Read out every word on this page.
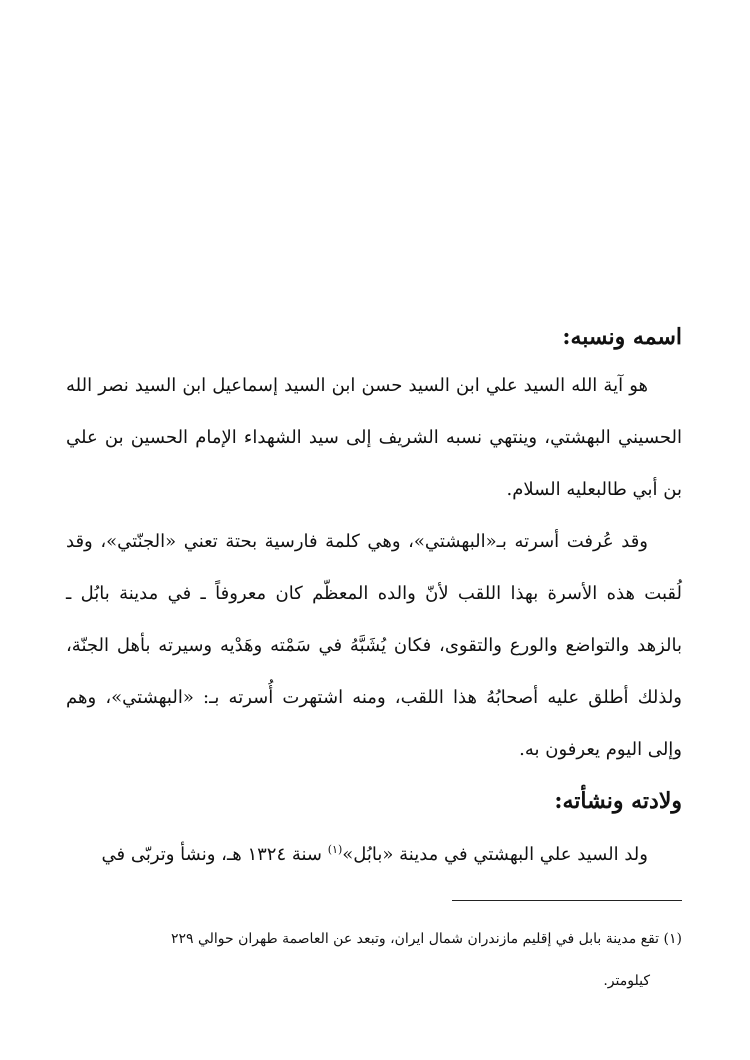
اسمه ونسبه:

هو آية الله السيد علي ابن السيد حسن ابن السيد إسماعيل ابن السيد نصر الله الحسيني البهشتي، وينتهي نسبه الشريف إلى سيد الشهداء الإمام الحسين بن علي بن أبي طالبعليه السلام.

وقد عُرفت أسرته بـ«البهشتي»، وهي كلمة فارسية بحتة تعني «الجنّتي»، وقد لُقبت هذه الأسرة بهذا اللقب لأنّ والده المعظّم كان معروفاً ـ في مدينة بابُل ـ بالزهد والتواضع والورع والتقوى، فكان يُشَبَّهُ في سَمْته وهَدْيه وسيرته بأهل الجنّة، ولذلك أطلق عليه أصحابُهُ هذا اللقب، ومنه اشتهرت أُسرته بـ: «البهشتي»، وهم وإلى اليوم يعرفون به.

ولادته ونشأته:

ولد السيد علي البهشتي في مدينة «بابُل»$^{(١)}$ سنة ١٣٢٤ هـ، ونشأ وتربّى في

(١) تقع مدينة بابل في إقليم مازندران شمال ايران، وتبعد عن العاصمة طهران حوالي ٢٢٩
كيلومتر.
